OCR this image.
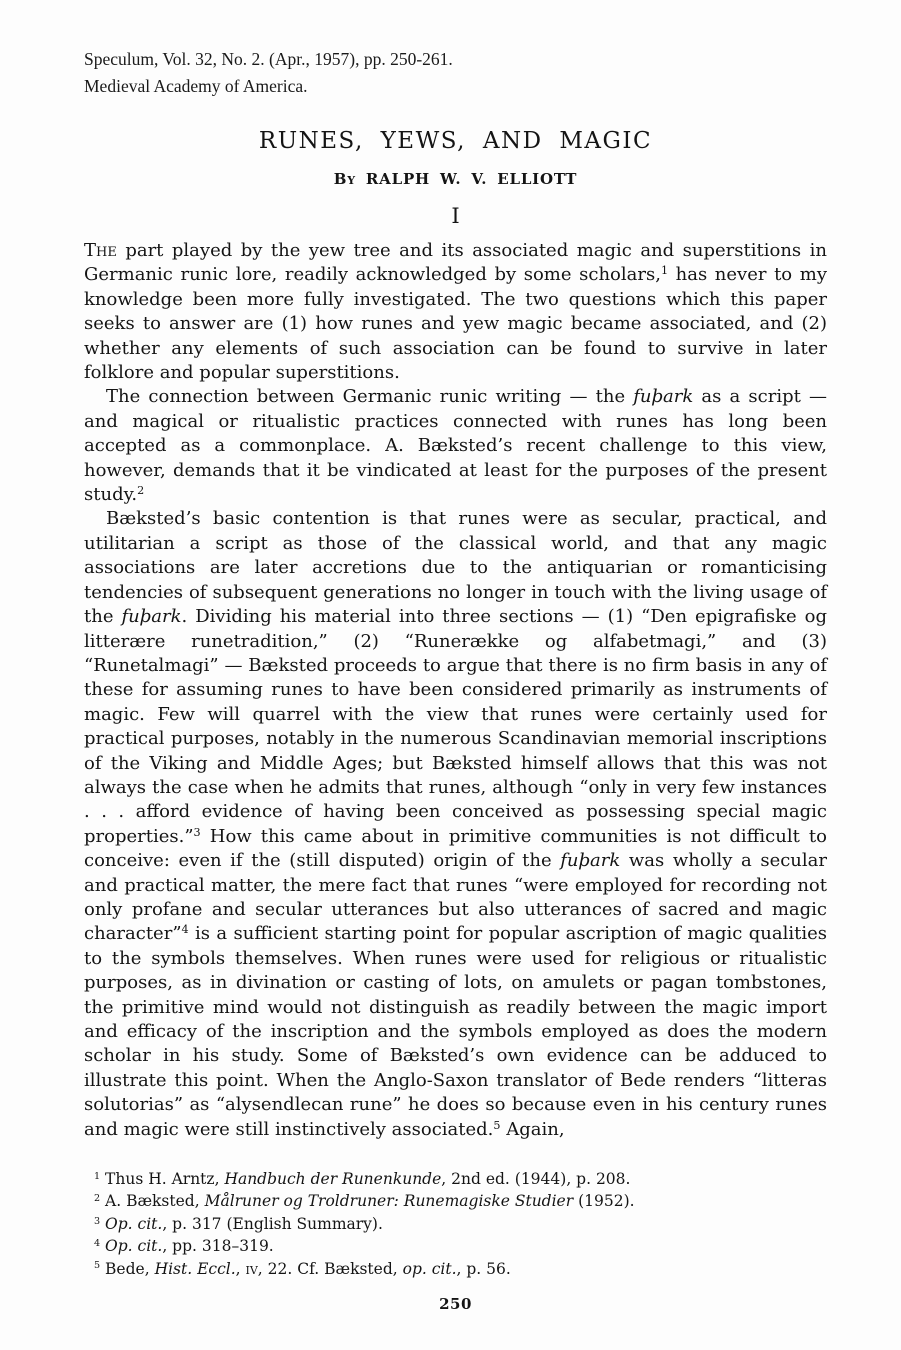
Speculum, Vol. 32, No. 2. (Apr., 1957), pp. 250-261.
Medieval Academy of America.
RUNES, YEWS, AND MAGIC
By RALPH W. V. ELLIOTT
I

The part played by the yew tree and its associated magic and superstitions in Germanic runic lore, readily acknowledged by some scholars,$^1$ has never to my knowledge been more fully investigated. The two questions which this paper seeks to answer are (1) how runes and yew magic became associated, and (2) whether any elements of such association can be found to survive in later folklore and popular superstitions.

The connection between Germanic runic writing — the fuþark as a script — and magical or ritualistic practices connected with runes has long been accepted as a commonplace. A. Bæksted’s recent challenge to this view, however, demands that it be vindicated at least for the purposes of the present study.$^2$

Bæksted’s basic contention is that runes were as secular, practical, and utilitarian a script as those of the classical world, and that any magic associations are later accretions due to the antiquarian or romanticising tendencies of subsequent generations no longer in touch with the living usage of the fuþark. Dividing his material into three sections — (1) “Den epigrafiske og litterære runetradition,” (2) “Runerække og alfabetmagi,” and (3) “Runetalmagi” — Bæksted proceeds to argue that there is no firm basis in any of these for assuming runes to have been considered primarily as instruments of magic. Few will quarrel with the view that runes were certainly used for practical purposes, notably in the numerous Scandinavian memorial inscriptions of the Viking and Middle Ages; but Bæksted himself allows that this was not always the case when he admits that runes, although “only in very few instances . . . afford evidence of having been conceived as possessing special magic properties.”$^3$ How this came about in primitive communities is not difficult to conceive: even if the (still disputed) origin of the fuþark was wholly a secular and practical matter, the mere fact that runes “were employed for recording not only profane and secular utterances but also utterances of sacred and magic character”$^4$ is a sufficient starting point for popular ascription of magic qualities to the symbols themselves. When runes were used for religious or ritualistic purposes, as in divination or casting of lots, on amulets or pagan tombstones, the primitive mind would not distinguish as readily between the magic import and efficacy of the inscription and the symbols employed as does the modern scholar in his study. Some of Bæksted’s own evidence can be adduced to illustrate this point. When the Anglo-Saxon translator of Bede renders “litteras solutorias” as “alysendlecan rune” he does so because even in his century runes and magic were still instinctively associated.$^5$ Again,

$^1$ Thus H. Arntz, Handbuch der Runenkunde, 2nd ed. (1944), p. 208.

$^2$ A. Bæksted, Målruner og Troldruner: Runemagiske Studier (1952).

$^3$ Op. cit., p. 317 (English Summary).

$^4$ Op. cit., pp. 318–319.

$^5$ Bede, Hist. Eccl., iv, 22. Cf. Bæksted, op. cit., p. 56.

250
